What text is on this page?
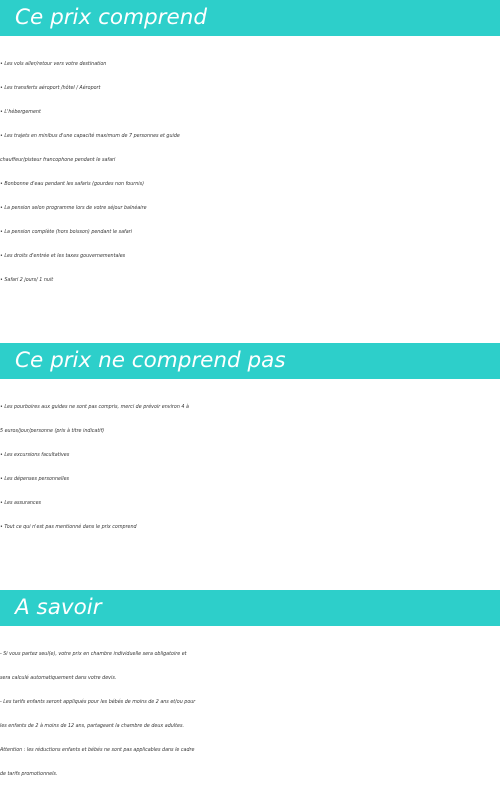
Ce prix comprend
• Les vols aller/retour vers votre destination
• Les transferts aéroport /hôtel / Aéroport
• L'hébergement
• Les trajets en minibus d'une capacité maximum de 7 personnes et guide
chauffeur/pisteur francophone pendant le safari
• Bonbonne d'eau pendant les safaris (gourdes non fournis)
• La pension selon programme lors de votre séjour balnéaire
• La pension complète (hors boisson) pendant le safari
• Les droits d'entrée et les taxes gouvernementales
• Safari 2 jours/ 1 nuit
Ce prix ne comprend pas
• Les pourboires aux guides ne sont pas compris, merci de prévoir environ 4 à
5 euros/jour/personne (prix à titre indicatif)
• Les excursions facultatives
• Les dépenses personnelles
• Les assurances
• Tout ce qui n'est pas mentionné dans le prix comprend
A savoir
- Si vous partez seul(e), votre prix en chambre individuelle sera obligatoire et
sera calculé automatiquement dans votre devis.
- Les tarifs enfants seront appliqués pour les bébés de moins de 2 ans et/ou pour
les enfants de 2 à moins de 12 ans, partageant la chambre de deux adultes.
Attention : les réductions enfants et bébés ne sont pas applicables dans le cadre
de tarifs promotionnels.
